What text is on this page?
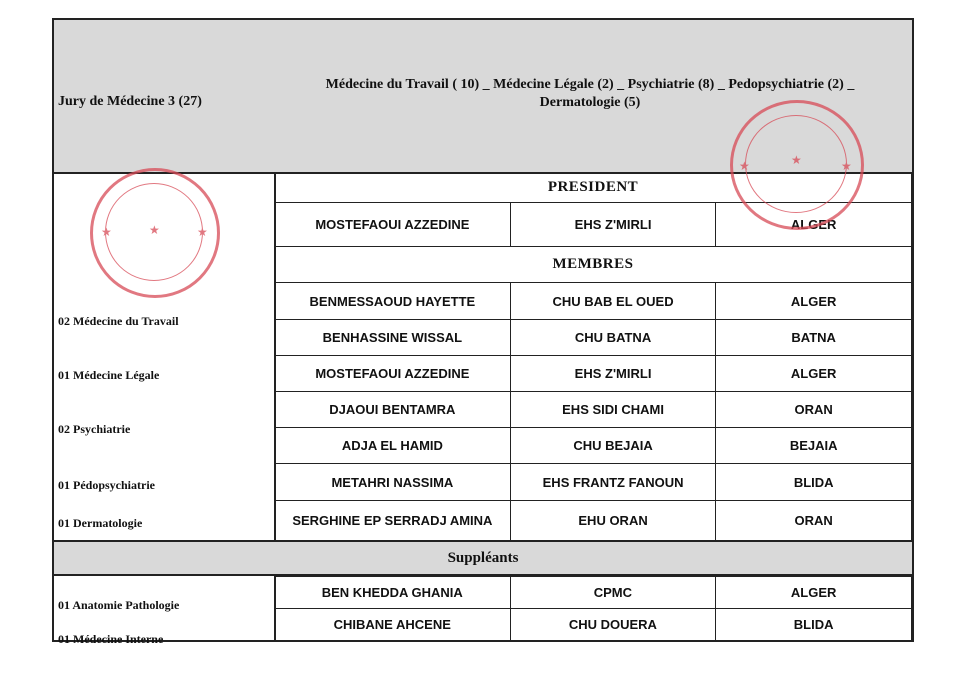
Jury de Médecine 3 (27)
Médecine du Travail ( 10) _ Médecine Légale (2) _ Psychiatrie (8) _ Pedopsychiatrie (2) _
Dermatologie (5)
02 Médecine du Travail
01 Médecine Légale
02 Psychiatrie
01 Pédopsychiatrie
01 Dermatologie
PRESIDENT		
MOSTEFAOUI AZZEDINE	EHS Z'MIRLI	ALGER
MEMBRES		
BENMESSAOUD HAYETTE	CHU BAB EL OUED	ALGER
BENHASSINE WISSAL	CHU BATNA	BATNA
MOSTEFAOUI AZZEDINE	EHS Z'MIRLI	ALGER
DJAOUI BENTAMRA	EHS SIDI CHAMI	ORAN
ADJA EL HAMID	CHU BEJAIA	BEJAIA
METAHRI NASSIMA	EHS FRANTZ FANOUN	BLIDA
SERGHINE EP SERRADJ AMINA	EHU ORAN	ORAN
Suppléants
01 Anatomie Pathologie
01 Médecine Interne
BEN KHEDDA GHANIA	CPMC	ALGER
CHIBANE AHCENE	CHU DOUERA	BLIDA
★
★	★
★
★	★
